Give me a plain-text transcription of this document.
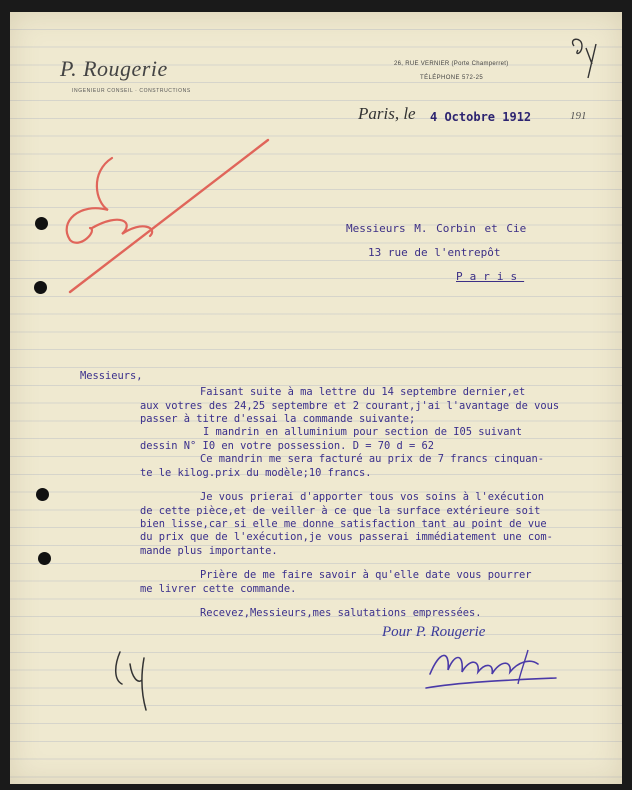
P. Rougerie
INGENIEUR CONSEIL · CONSTRUCTIONS
26, RUE VERNIER (Porte Champerret)
TÉLÉPHONE 572-25
Paris, le 4 Octobre 1912	191
Messieurs M. Corbin et Cie
13 rue de l'entrepôt
Paris
Messieurs,
Faisant suite à ma lettre du 14 septembre dernier,et
aux votres des 24,25 septembre et 2 courant,j'ai l'avantage de vous
passer à titre d'essai la commande suivante;
I mandrin en alluminium pour section de I05 suivant
dessin N° I0 en votre possession. D = 70 d = 62
Ce mandrin me sera facturé au prix de 7 francs cinquan-
te le kilog.prix du modèle;10 francs.
Je vous prierai d'apporter tous vos soins à l'exécution
de cette pièce,et de veiller à ce que la surface extérieure soit
bien lisse,car si elle me donne satisfaction tant au point de vue
du prix que de l'exécution,je vous passerai immédiatement une com-
mande plus importante.
Prière de me faire savoir à qu'elle date vous pourrer
me livrer cette commande.
Recevez,Messieurs,mes salutations empressées.
Pour P. Rougerie
